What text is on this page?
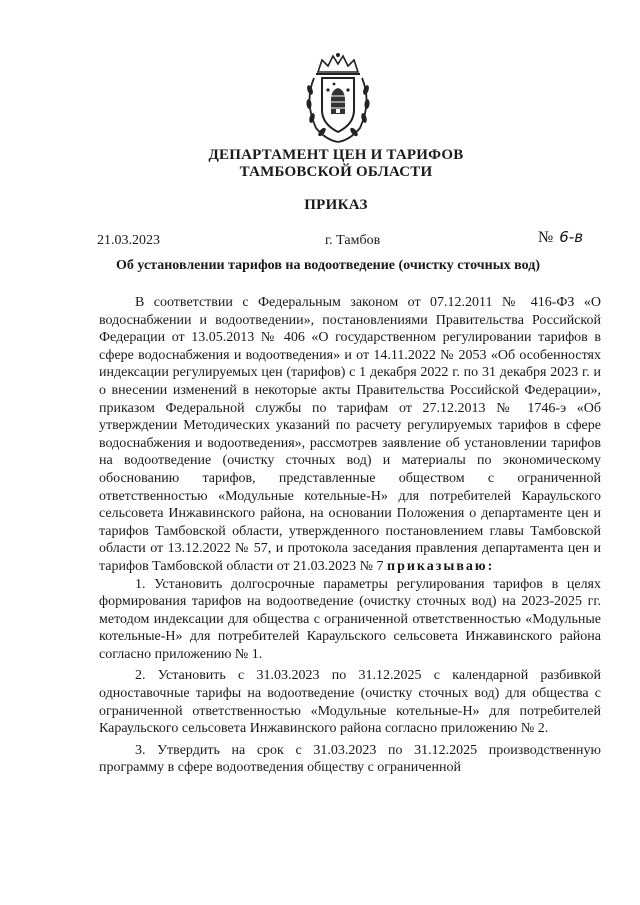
ДЕПАРТАМЕНТ ЦЕН И ТАРИФОВ
ТАМБОВСКОЙ ОБЛАСТИ
ПРИКАЗ
21.03.2023	г. Тамбов	№ 6-в
Об установлении тарифов на водоотведение (очистку сточных вод)

В соответствии с Федеральным законом от 07.12.2011 № 416-ФЗ «О водоснабжении и водоотведении», постановлениями Правительства Российской Федерации от 13.05.2013 № 406 «О государственном регулировании тарифов в сфере водоснабжения и водоотведения» и от 14.11.2022 № 2053 «Об особенностях индексации регулируемых цен (тарифов) с 1 декабря 2022 г. по 31 декабря 2023 г. и о внесении изменений в некоторые акты Правительства Российской Федерации», приказом Федеральной службы по тарифам от 27.12.2013 № 1746-э «Об утверждении Методических указаний по расчету регулируемых тарифов в сфере водоснабжения и водоотведения», рассмотрев заявление об установлении тарифов на водоотведение (очистку сточных вод) и материалы по экономическому обоснованию тарифов, представленные обществом с ограниченной ответственностью «Модульные котельные-Н» для потребителей Караульского сельсовета Инжавинского района, на основании Положения о департаменте цен и тарифов Тамбовской области, утвержденного постановлением главы Тамбовской области от 13.12.2022 № 57, и протокола заседания правления департамента цен и тарифов Тамбовской области от 21.03.2023 № 7 приказываю:

1. Установить долгосрочные параметры регулирования тарифов в целях формирования тарифов на водоотведение (очистку сточных вод) на 2023-2025 гг. методом индексации для общества с ограниченной ответственностью «Модульные котельные-Н» для потребителей Караульского сельсовета Инжавинского района согласно приложению № 1.

2. Установить с 31.03.2023 по 31.12.2025 с календарной разбивкой одноставочные тарифы на водоотведение (очистку сточных вод) для общества с ограниченной ответственностью «Модульные котельные-Н» для потребителей Караульского сельсовета Инжавинского района согласно приложению № 2.

3. Утвердить на срок с 31.03.2023 по 31.12.2025 производственную программу в сфере водоотведения обществу с ограниченной
